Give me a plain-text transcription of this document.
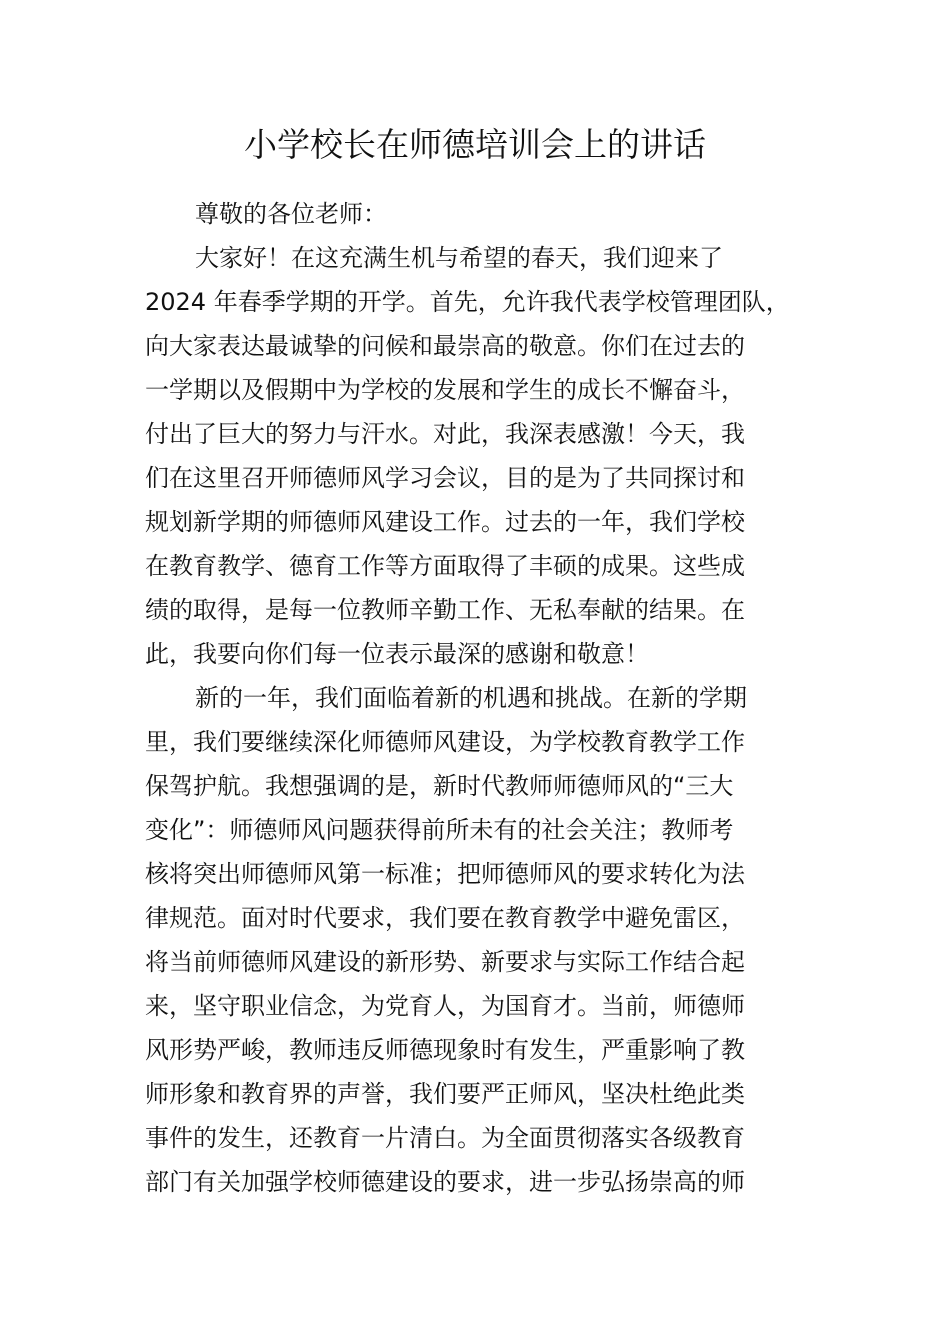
小学校长在师德培训会上的讲话
尊敬的各位老师：
大家好！在这充满生机与希望的春天，我们迎来了
2024 年春季学期的开学。首先，允许我代表学校管理团队，
向大家表达最诚挚的问候和最崇高的敬意。你们在过去的
一学期以及假期中为学校的发展和学生的成长不懈奋斗，
付出了巨大的努力与汗水。对此，我深表感激！今天，我
们在这里召开师德师风学习会议，目的是为了共同探讨和
规划新学期的师德师风建设工作。过去的一年，我们学校
在教育教学、德育工作等方面取得了丰硕的成果。这些成
绩的取得，是每一位教师辛勤工作、无私奉献的结果。在
此，我要向你们每一位表示最深的感谢和敬意！
新的一年，我们面临着新的机遇和挑战。在新的学期
里，我们要继续深化师德师风建设，为学校教育教学工作
保驾护航。我想强调的是，新时代教师师德师风的“三大
变化”：师德师风问题获得前所未有的社会关注；教师考
核将突出师德师风第一标准；把师德师风的要求转化为法
律规范。面对时代要求，我们要在教育教学中避免雷区，
将当前师德师风建设的新形势、新要求与实际工作结合起
来，坚守职业信念，为党育人，为国育才。当前，师德师
风形势严峻，教师违反师德现象时有发生，严重影响了教
师形象和教育界的声誉，我们要严正师风，坚决杜绝此类
事件的发生，还教育一片清白。为全面贯彻落实各级教育
部门有关加强学校师德建设的要求，进一步弘扬崇高的师
